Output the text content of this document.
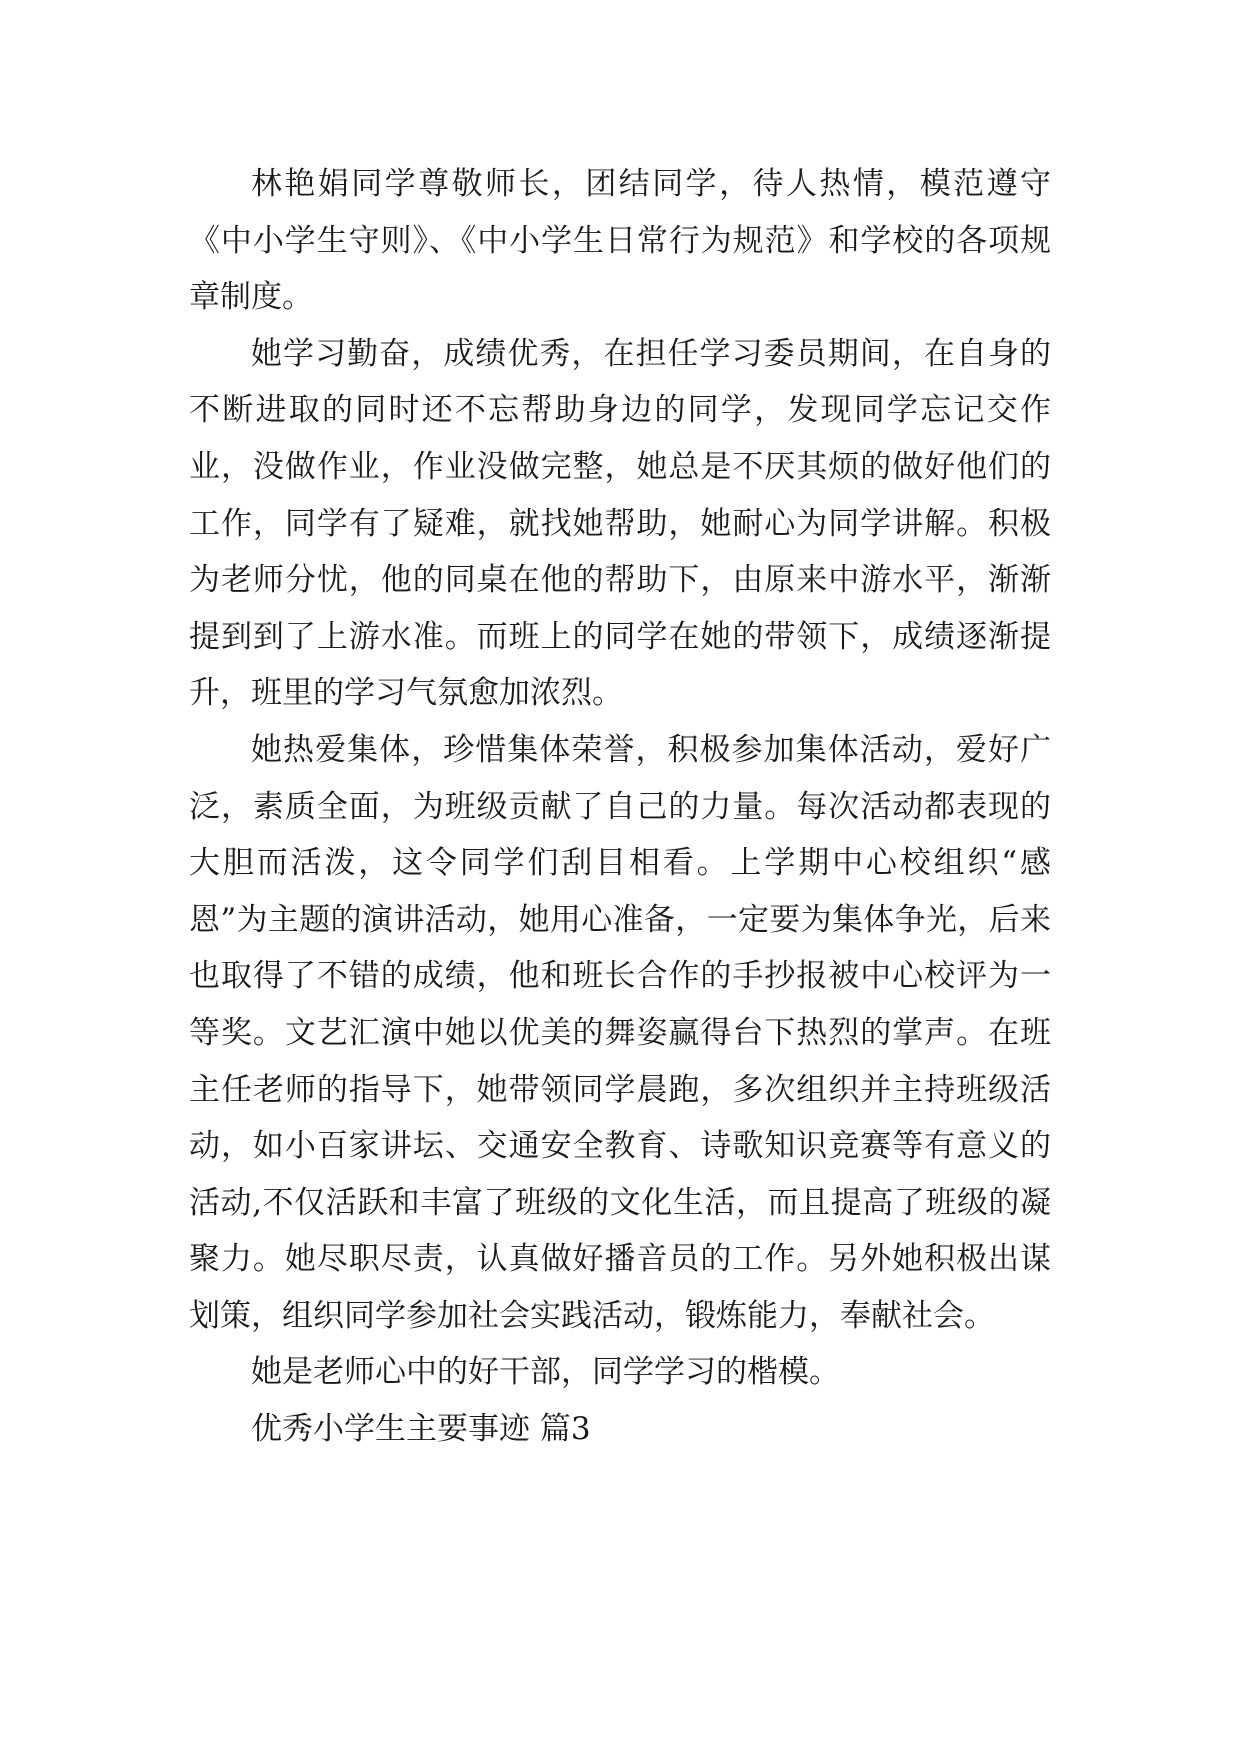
林艳娟同学尊敬师长，团结同学，待人热情，模范遵守《中小学生守则》、《中小学生日常行为规范》和学校的各项规章制度。

她学习勤奋，成绩优秀，在担任学习委员期间，在自身的不断进取的同时还不忘帮助身边的同学，发现同学忘记交作业，没做作业，作业没做完整，她总是不厌其烦的做好他们的工作，同学有了疑难，就找她帮助，她耐心为同学讲解。积极为老师分忧，他的同桌在他的帮助下，由原来中游水平，渐渐提到到了上游水准。而班上的同学在她的带领下，成绩逐渐提升，班里的学习气氛愈加浓烈。

她热爱集体，珍惜集体荣誉，积极参加集体活动，爱好广泛，素质全面，为班级贡献了自己的力量。每次活动都表现的大胆而活泼，这令同学们刮目相看。上学期中心校组织“感恩”为主题的演讲活动，她用心准备，一定要为集体争光，后来也取得了不错的成绩，他和班长合作的手抄报被中心校评为一等奖。文艺汇演中她以优美的舞姿赢得台下热烈的掌声。在班主任老师的指导下，她带领同学晨跑，多次组织并主持班级活动，如小百家讲坛、交通安全教育、诗歌知识竞赛等有意义的活动,不仅活跃和丰富了班级的文化生活，而且提高了班级的凝聚力。她尽职尽责，认真做好播音员的工作。另外她积极出谋划策，组织同学参加社会实践活动，锻炼能力，奉献社会。

她是老师心中的好干部，同学学习的楷模。

优秀小学生主要事迹 篇3
